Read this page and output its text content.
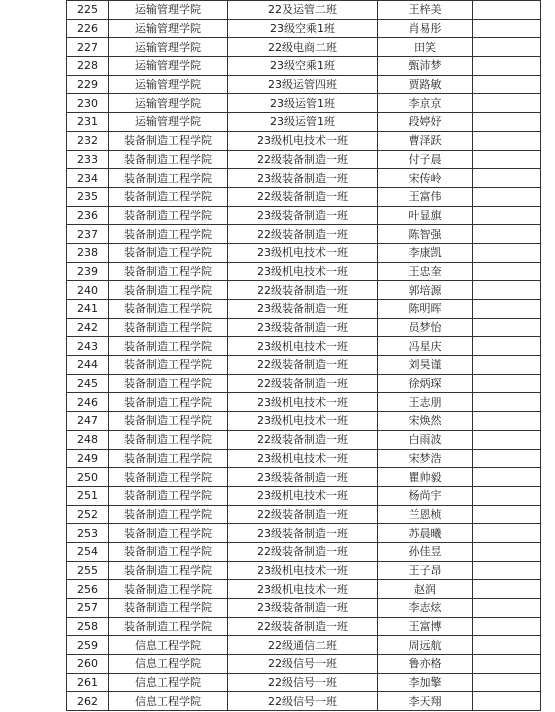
225	运输管理学院	22及运管二班	王梓美	
226	运输管理学院	23级空乘1班	肖易彤	
227	运输管理学院	22级电商二班	田笑	
228	运输管理学院	23级空乘1班	甄沛梦	
229	运输管理学院	23级运管四班	贾路敏	
230	运输管理学院	23级运管1班	李京京	
231	运输管理学院	23级运管1班	段婷妤	
232	装备制造工程学院	23级机电技术一班	曹泽跃	
233	装备制造工程学院	22级装备制造一班	付子晨	
234	装备制造工程学院	23级装备制造一班	宋传岭	
235	装备制造工程学院	22级装备制造一班	王富伟	
236	装备制造工程学院	23级装备制造一班	叶显旗	
237	装备制造工程学院	22级装备制造一班	陈智强	
238	装备制造工程学院	23级机电技术一班	李康凯	
239	装备制造工程学院	23级机电技术一班	王忠奎	
240	装备制造工程学院	22级装备制造一班	郭培源	
241	装备制造工程学院	23级装备制造一班	陈明晖	
242	装备制造工程学院	23级装备制造一班	员梦怡	
243	装备制造工程学院	23级机电技术一班	冯星庆	
244	装备制造工程学院	22级装备制造一班	刘昊谨	
245	装备制造工程学院	22级装备制造一班	徐炳琛	
246	装备制造工程学院	23级机电技术一班	王志朋	
247	装备制造工程学院	23级机电技术一班	宋焕然	
248	装备制造工程学院	22级装备制造一班	白雨波	
249	装备制造工程学院	23级机电技术一班	宋梦浩	
250	装备制造工程学院	23级装备制造一班	瞿帅毅	
251	装备制造工程学院	23级机电技术一班	杨尚宇	
252	装备制造工程学院	22级装备制造一班	兰恩桢	
253	装备制造工程学院	23级装备制造一班	苏晨曦	
254	装备制造工程学院	22级装备制造一班	孙佳昱	
255	装备制造工程学院	23级机电技术一班	王子昂	
256	装备制造工程学院	23级机电技术一班	赵润	
257	装备制造工程学院	23级装备制造一班	李志炫	
258	装备制造工程学院	22级装备制造一班	王富博	
259	信息工程学院	22级通信二班	周远航	
260	信息工程学院	22级信号一班	鲁亦格	
261	信息工程学院	22级信号一班	李加擎	
262	信息工程学院	22级信号一班	李天翔	
